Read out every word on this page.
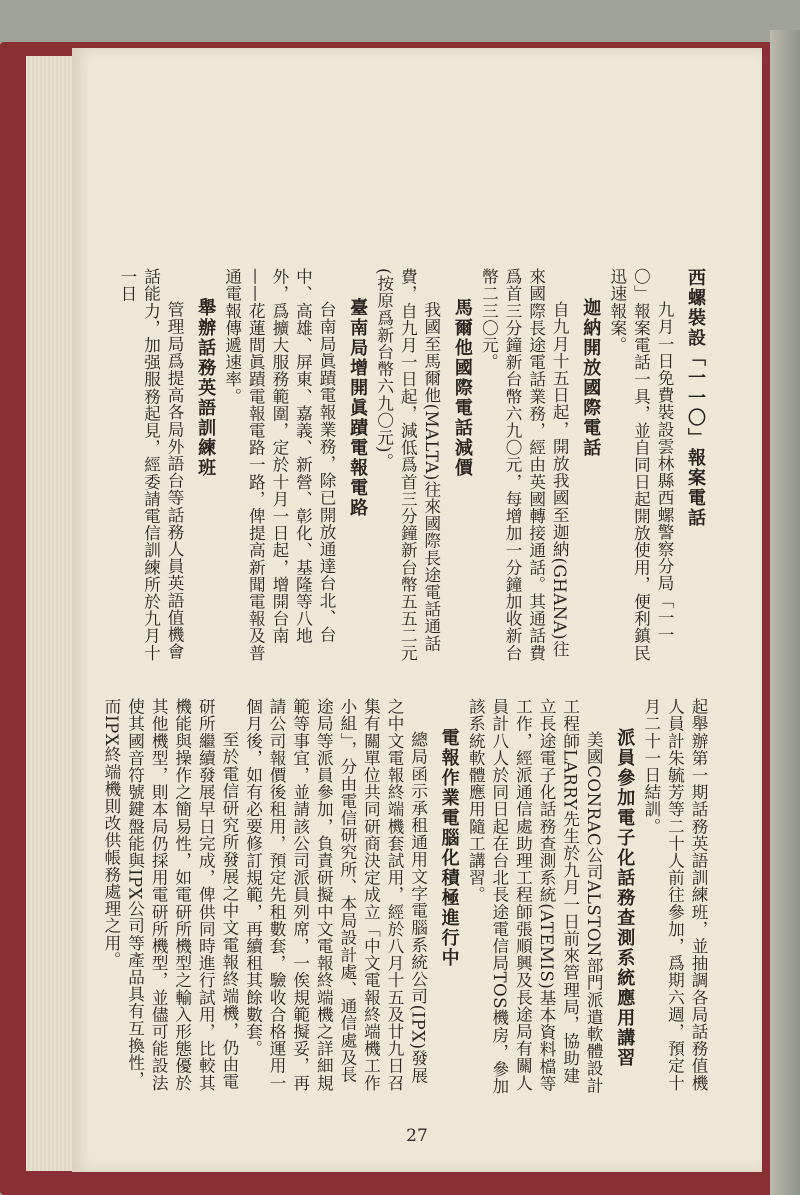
西螺裝設「一一〇」報案電話

九月一日免費裝設雲林縣西螺警察分局「一一〇」報案電話一具，並自同日起開放使用，便利鎮民迅速報案。

迦納開放國際電話

自九月十五日起，開放我國至迦納(GHANA)往來國際長途電話業務，經由英國轉接通話。其通話費爲首三分鐘新台幣六九〇元，每增加一分鐘加收新台幣二三〇元。

馬爾他國際電話減價

我國至馬爾他(MALTA)往來國際長途電話通話費，自九月一日起，減低爲首三分鐘新台幣五五二元(按原爲新台幣六九〇元)。

臺南局增開眞蹟電報電路

台南局眞蹟電報業務，除已開放通達台北、台中、高雄、屏東、嘉義、新營、彰化、基隆等八地外，爲擴大服務範圍，定於十月一日起，增開台南——花蓮間眞蹟電報電路一路，俾提高新聞電報及普通電報傳遞速率。

舉辦話務英語訓練班

管理局爲提高各局外語台等話務人員英語值機會話能力，加强服務起見，經委請電信訓練所於九月十一日

起舉辦第一期話務英語訓練班，並抽調各局話務值機人員計朱毓芳等二十人前往參加，爲期六週，預定十月二十一日結訓。

派員參加電子化話務查測系統應用講習

美國CONRAC公司ALSTON部門派遣軟體設計工程師LARRY先生於九月一日前來管理局，協助建立長途電子化話務查測系統(ATEMIS)基本資料檔等工作，經派通信處助理工程師張順興及長途局有關人員計八人於同日起在台北長途電信局TOS機房，參加該系統軟體應用隨工講習。

電報作業電腦化積極進行中

總局函示承租通用文字電腦系統公司(IPX)發展之中文電報終端機套試用，經於八月十五及廿九日召集有關單位共同研商決定成立「中文電報終端機工作小組」，分由電信研究所、本局設計處、通信處及長途局等派員參加，負責研擬中文電報終端機之詳細規範等事宜，並請該公司派員列席，一俟規範擬妥，再請公司報價後租用，預定先租數套，驗收合格運用一個月後，如有必要修訂規範，再續租其餘數套。

至於電信研究所發展之中文電報終端機，仍由電研所繼續發展早日完成，俾供同時進行試用，比較其機能與操作之簡易性，如電研所機型之輸入形態優於其他機型，則本局仍採用電研所機型，並儘可能設法使其國音符號鍵盤能與IPX公司等產品具有互換性，而IPX終端機則改供帳務處理之用。

27
